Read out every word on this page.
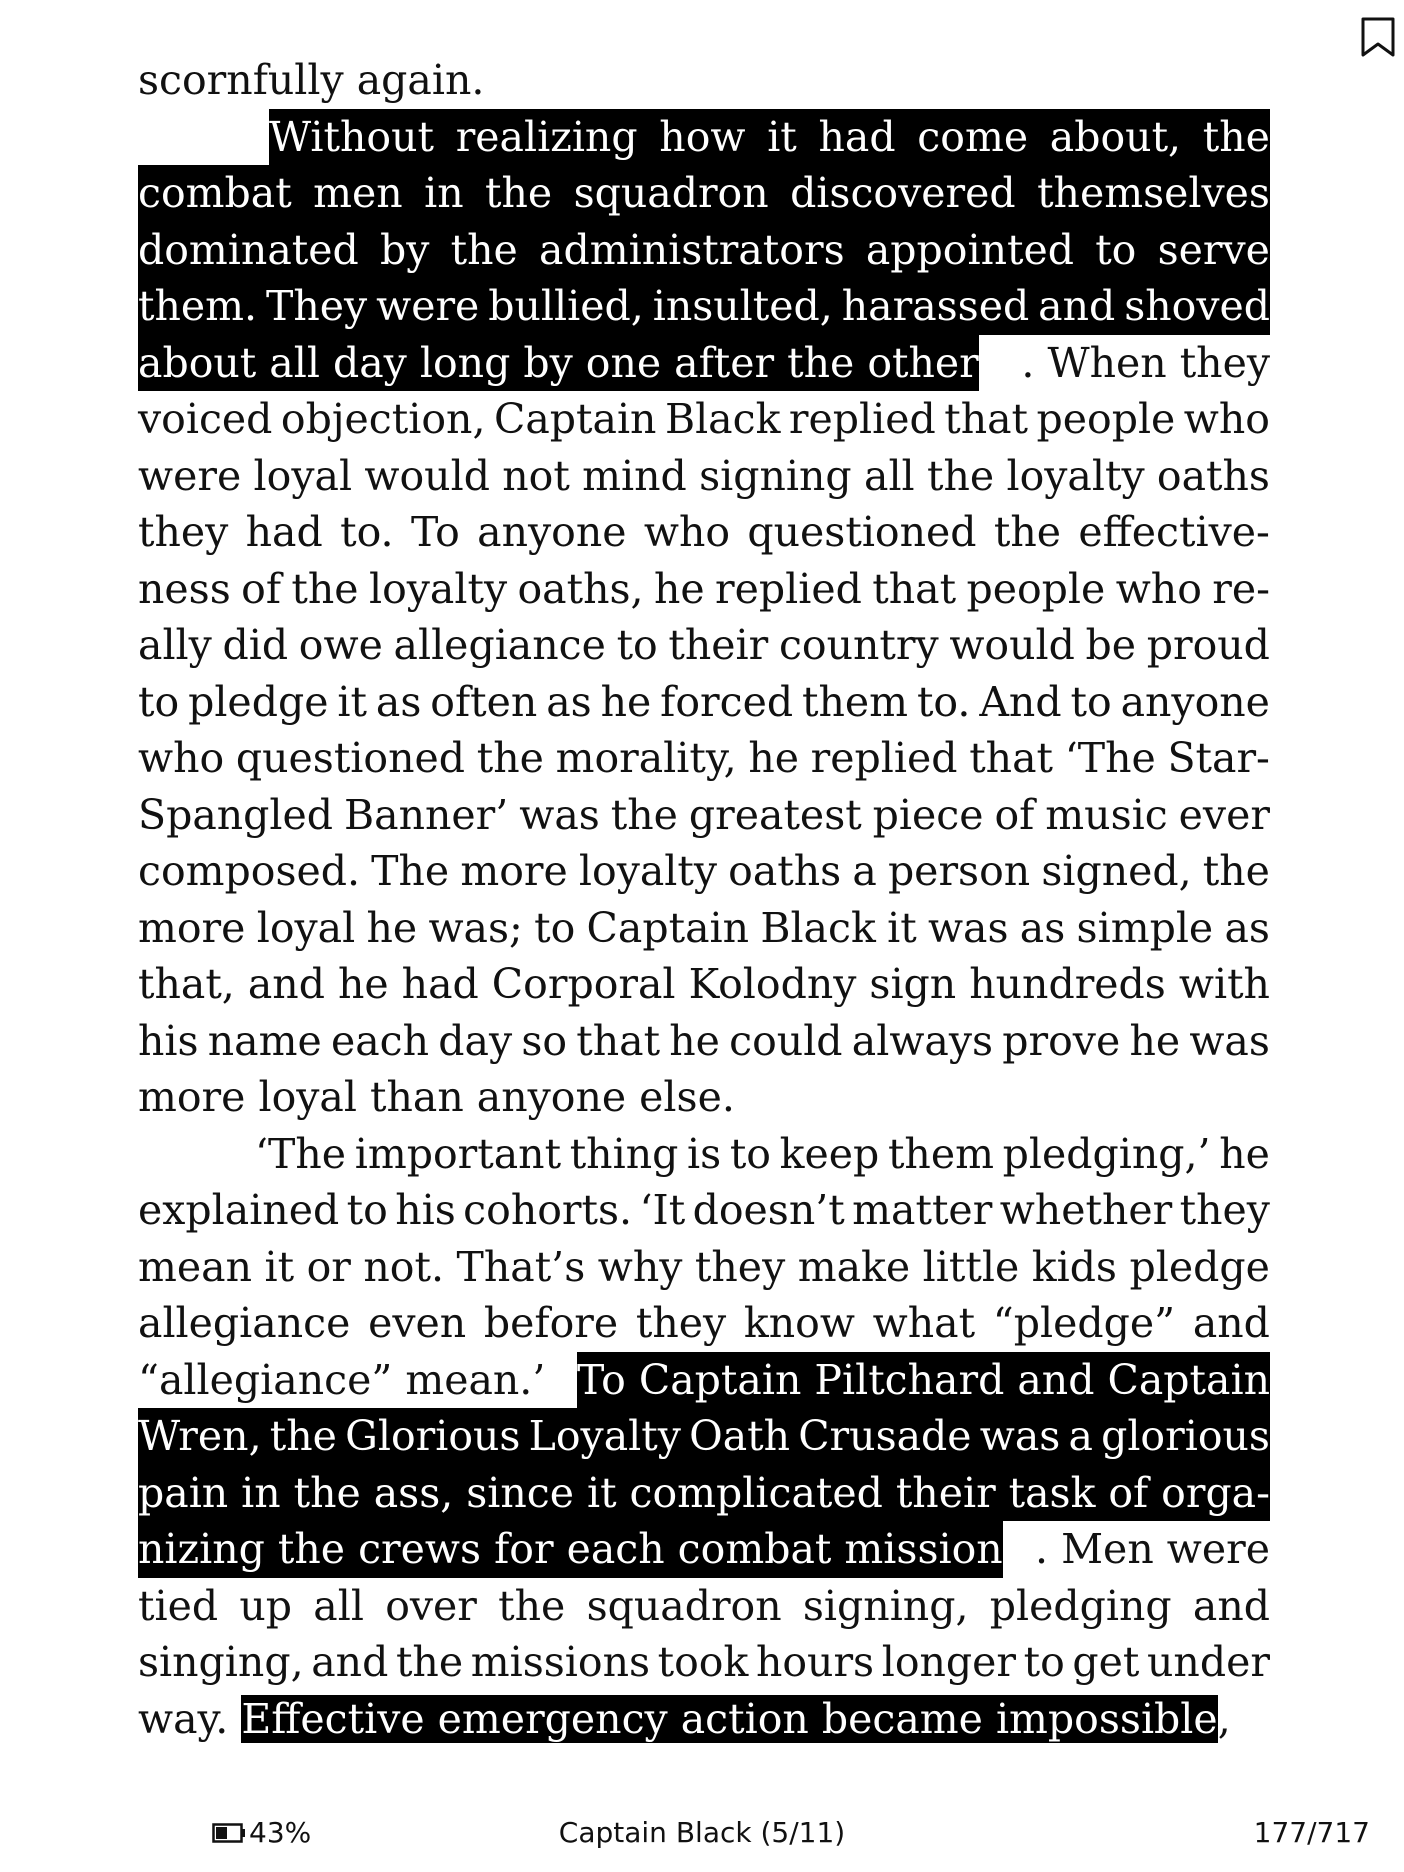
scornfully again.
Without realizing how it had come about, the
combat men in the squadron discovered themselves
dominated by the administrators appointed to serve
them. They were bullied, insulted, harassed and shoved
about all day long by one after the other . When they
voiced objection, Captain Black replied that people who
were loyal would not mind signing all the loyalty oaths
they had to. To anyone who questioned the effective-
ness of the loyalty oaths, he replied that people who re-
ally did owe allegiance to their country would be proud
to pledge it as often as he forced them to. And to anyone
who questioned the morality, he replied that ‘The Star-
Spangled Banner’ was the greatest piece of music ever
composed. The more loyalty oaths a person signed, the
more loyal he was; to Captain Black it was as simple as
that, and he had Corporal Kolodny sign hundreds with
his name each day so that he could always prove he was
more loyal than anyone else.
‘The important thing is to keep them pledging,’ he
explained to his cohorts. ‘It doesn’t matter whether they
mean it or not. That’s why they make little kids pledge
allegiance even before they know what “pledge” and
“allegiance” mean.’ To Captain Piltchard and Captain
Wren, the Glorious Loyalty Oath Crusade was a glorious
pain in the ass, since it complicated their task of orga-
nizing the crews for each combat mission . Men were
tied up all over the squadron signing, pledging and
singing, and the missions took hours longer to get under
way. Effective emergency action became impossible,
43%	Captain Black (5/11)	177/717
